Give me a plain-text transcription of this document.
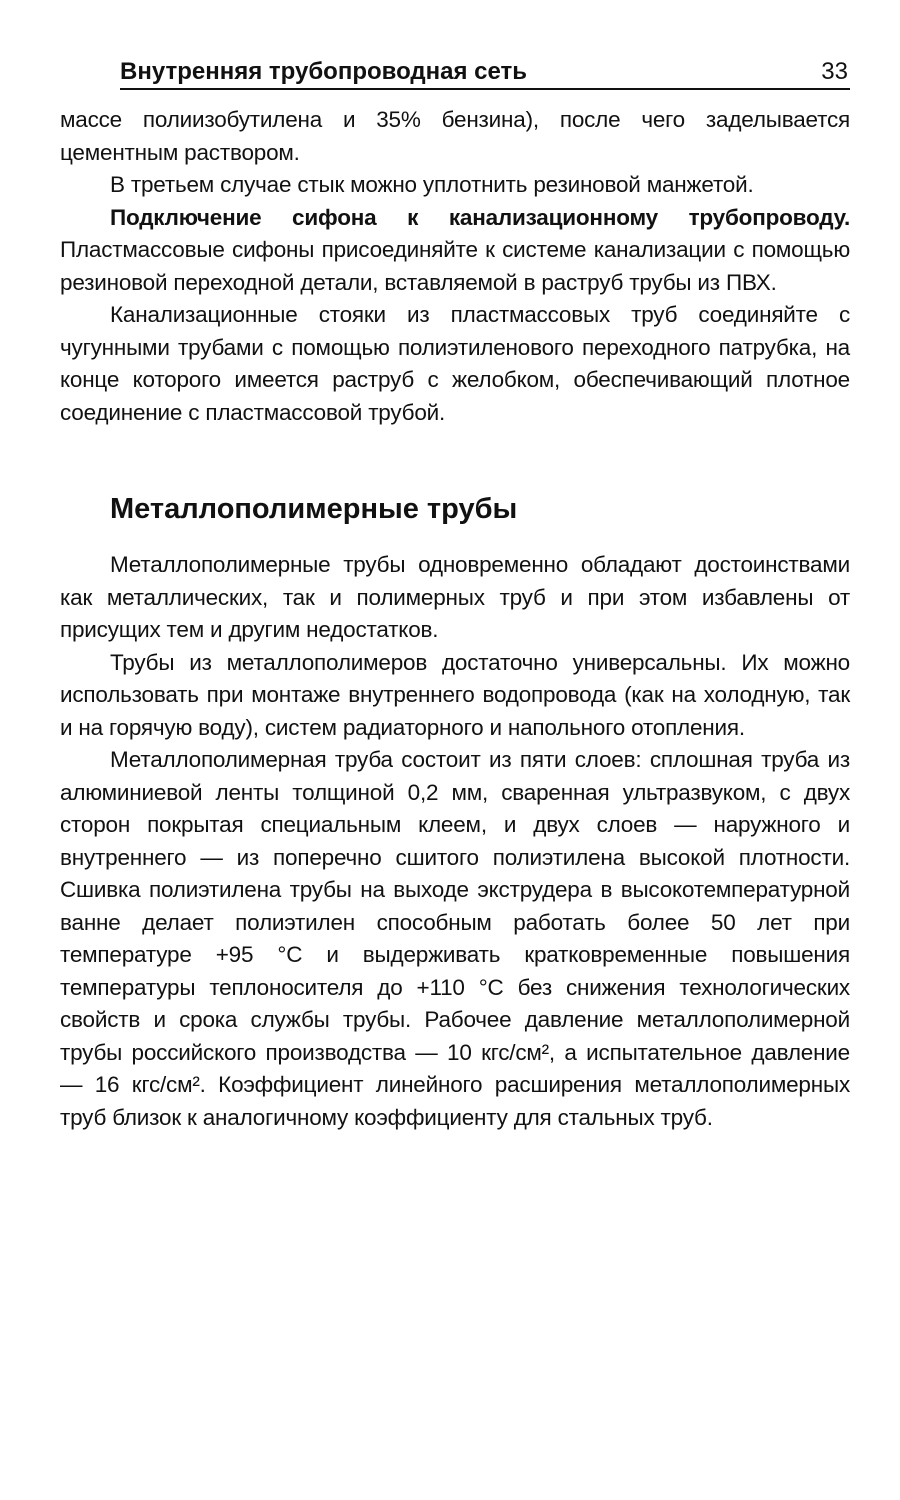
Внутренняя трубопроводная сеть	33

массе полиизобутилена и 35% бензина), после чего заделывается цементным раствором.

В третьем случае стык можно уплотнить резиновой манжетой.

Подключение сифона к канализационному трубопроводу. Пластмассовые сифоны присоединяйте к системе канализации с помощью резиновой переходной детали, вставляемой в раструб трубы из ПВХ.

Канализационные стояки из пластмассовых труб соединяйте с чугунными трубами с помощью полиэтиленового переходного патрубка, на конце которого имеется раструб с желобком, обеспечивающий плотное соединение с пластмассовой трубой.

Металлополимерные трубы

Металлополимерные трубы одновременно обладают достоинствами как металлических, так и полимерных труб и при этом избавлены от присущих тем и другим недостатков.

Трубы из металлополимеров достаточно универсальны. Их можно использовать при монтаже внутреннего водопровода (как на холодную, так и на горячую воду), систем радиаторного и напольного отопления.

Металлополимерная труба состоит из пяти слоев: сплошная труба из алюминиевой ленты толщиной 0,2 мм, сваренная ультразвуком, с двух сторон покрытая специальным клеем, и двух слоев — наружного и внутреннего — из поперечно сшитого полиэтилена высокой плотности. Сшивка полиэтилена трубы на выходе экструдера в высокотемпературной ванне делает полиэтилен способным работать более 50 лет при температуре +95 °С и выдерживать кратковременные повышения температуры теплоносителя до +110 °С без снижения технологических свойств и срока службы трубы. Рабочее давление металлополимерной трубы российского производства — 10 кгс/см², а испытательное давление — 16 кгс/см². Коэффициент линейного расширения металлополимерных труб близок к аналогичному коэффициенту для стальных труб.
